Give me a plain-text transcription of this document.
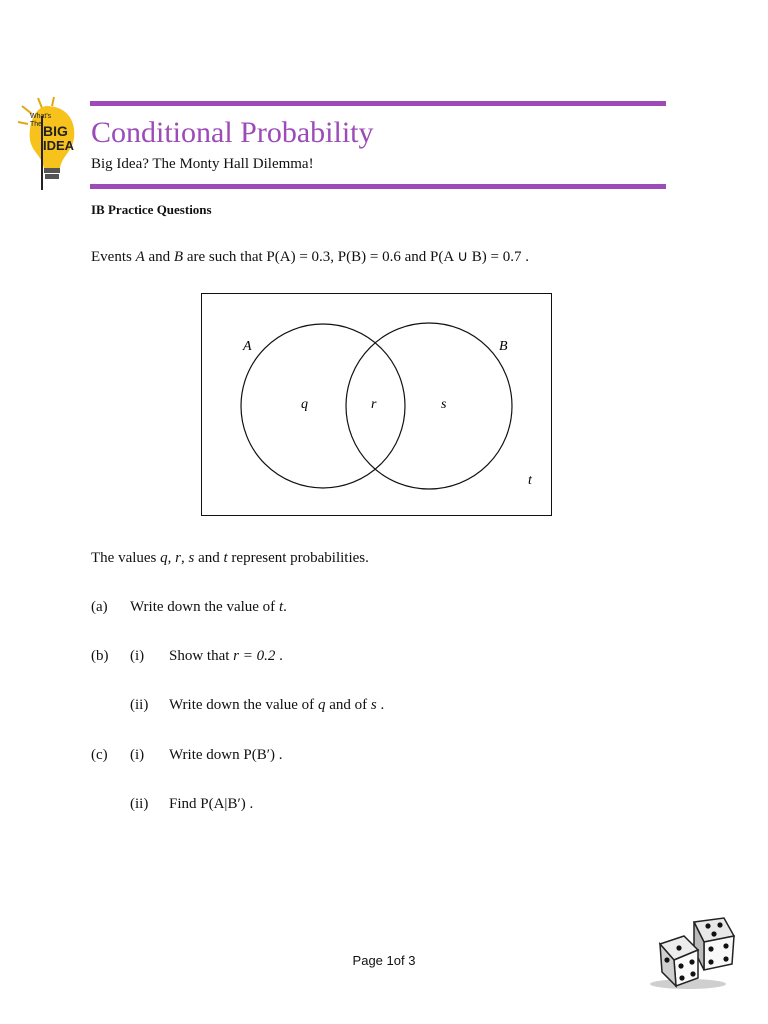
What's
The BIG
IDEA Conditional Probability
Big Idea? The Monty Hall Dilemma!
IB Practice Questions
Events A and B are such that P(A) = 0.3, P(B) = 0.6 and P(A ∪ B) = 0.7 .
A	B
q	r	s
t
The values q, r, s and t represent probabilities.
(a) Write down the value of t.
(b) (i) Show that r = 0.2 .
(ii) Write down the value of q and of s .
(c) (i) Write down P(B′) .
(ii) Find P(A|B′) .
Page 1of 3
